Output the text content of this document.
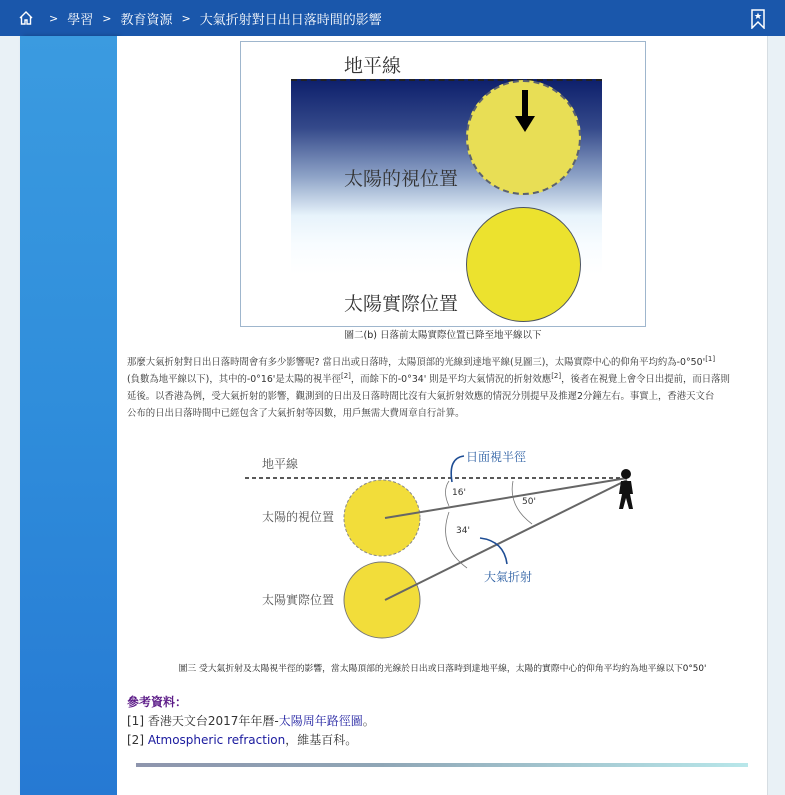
> 學習 > 教育資源 > 大氣折射對日出日落時間的影響
地平線
太陽的視位置
太陽實際位置
圖二(b) 日落前太陽實際位置已降至地平線以下
那麼大氣折射對日出日落時間會有多少影響呢? 當日出或日落時，太陽頂部的光線到達地平線(見圖三)，太陽實際中心的仰角平均約為-0°50'[1]
(負數為地平線以下)，其中的-0°16'是太陽的視半徑[2]，而餘下的-0°34' 則是平均大氣情況的折射效應[2]，後者在視覺上會令日出提前，而日落則
延後。以香港為例，受大氣折射的影響，觀測到的日出及日落時間比沒有大氣折射效應的情況分別提早及推遲2分鐘左右。事實上，香港天文台
公布的日出日落時間中已經包含了大氣折射等因數，用戶無需大費周章自行計算。
地平線
太陽的視位置
太陽實際位置
日面視半徑
大氣折射
16'
34'
50'
圖三 受大氣折射及太陽視半徑的影響，當太陽頂部的光線於日出或日落時到達地平線，太陽的實際中心的仰角平均約為地平線以下0°50'
參考資料：
[1] 香港天文台2017年年曆-太陽周年路徑圖。
[2] Atmospheric refraction，維基百科。
